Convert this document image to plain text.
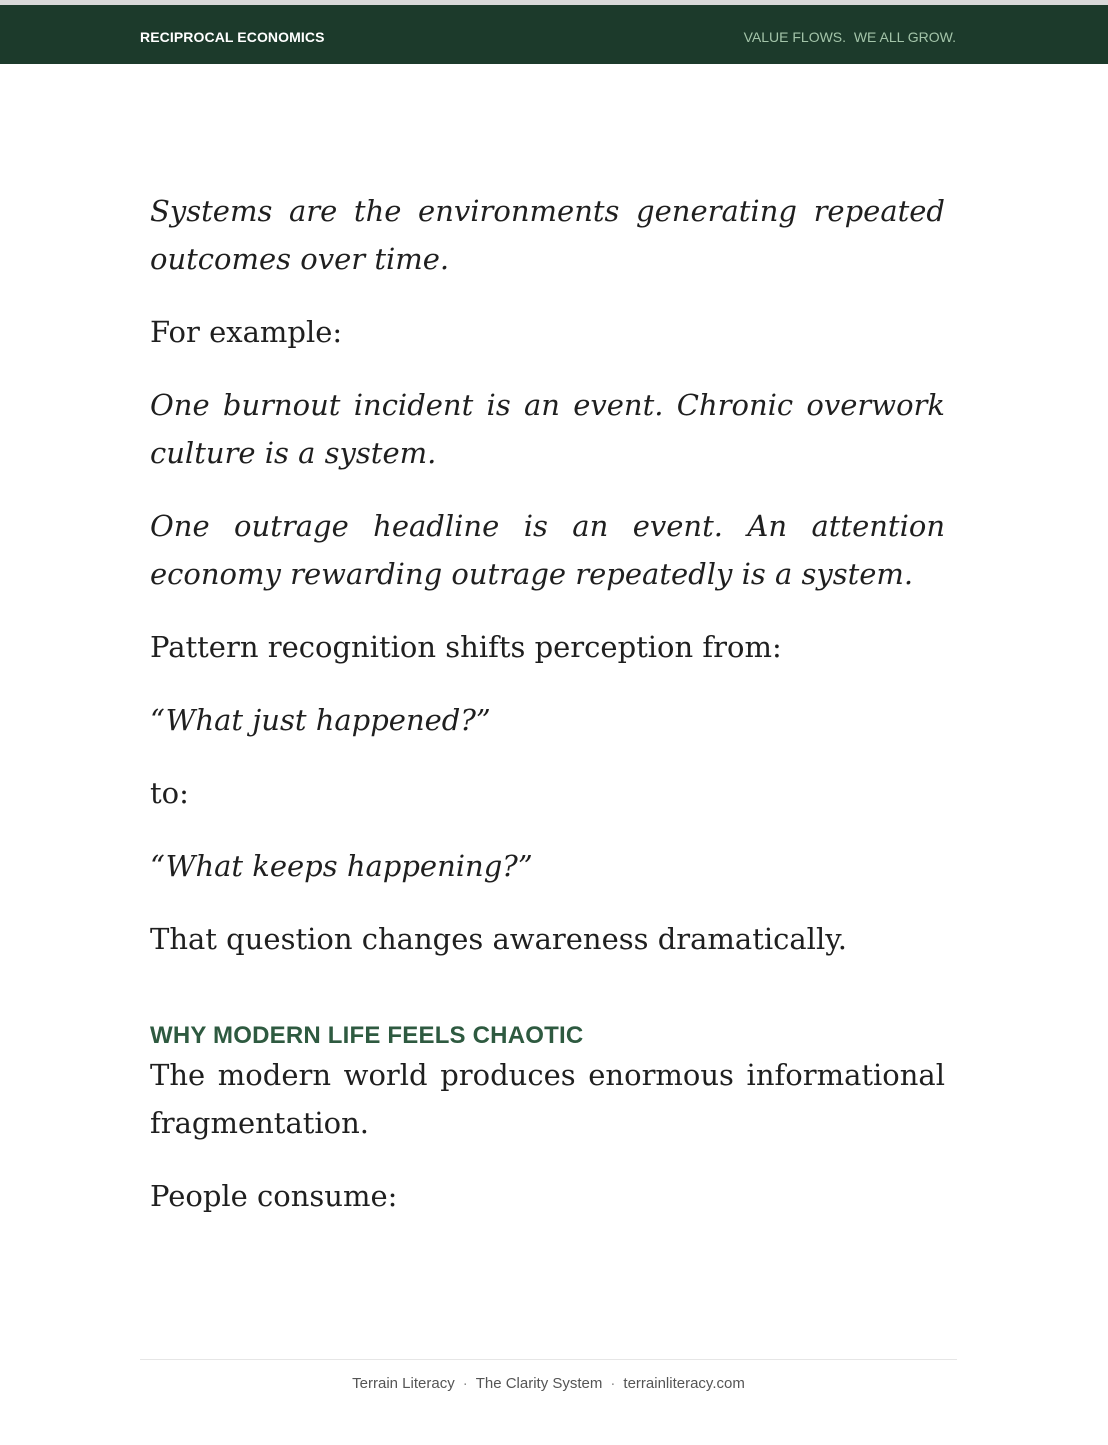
RECIPROCAL ECONOMICS	VALUE FLOWS.  WE ALL GROW.

Systems are the environments generating repeated outcomes over time.

For example:

One burnout incident is an event. Chronic overwork culture is a system.

One outrage headline is an event. An attention economy rewarding outrage repeatedly is a system.

Pattern recognition shifts perception from:

“What just happened?”

to:

“What keeps happening?”

That question changes awareness dramatically.

WHY MODERN LIFE FEELS CHAOTIC

The modern world produces enormous informational fragmentation.

People consume:

Terrain Literacy · The Clarity System · terrainliteracy.com
